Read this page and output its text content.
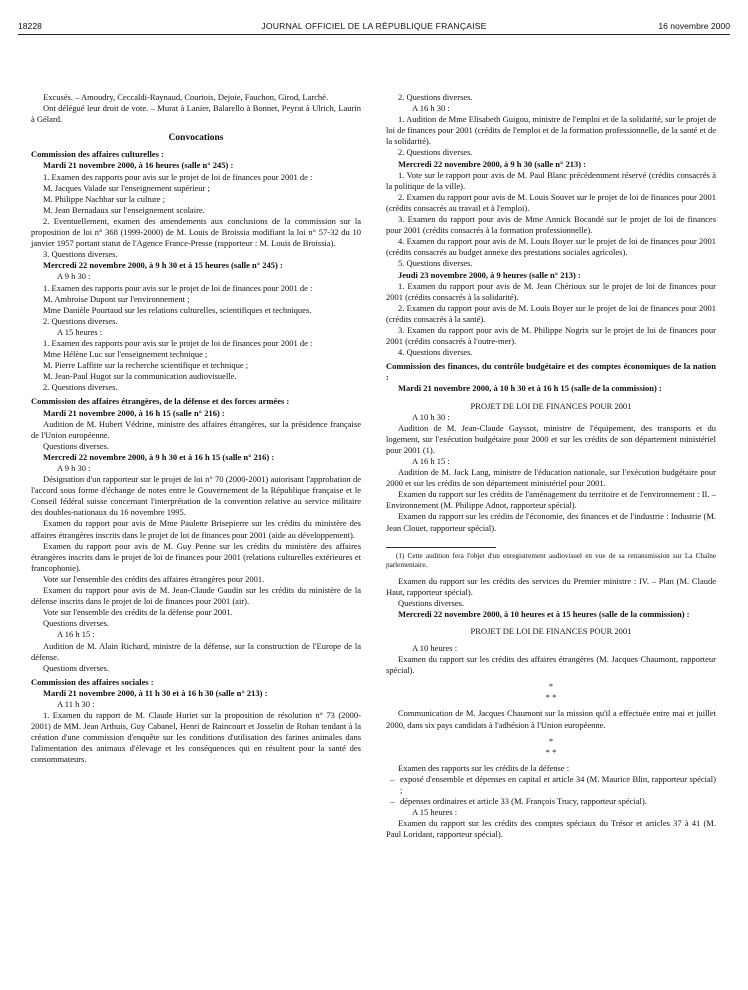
18228	JOURNAL OFFICIEL DE LA RÉPUBLIQUE FRANÇAISE	16 novembre 2000

Excusés. – Amoudry, Ceccaldi-Raynaud, Courtois, Dejoie, Fauchon, Girod, Larché.

Ont délégué leur droit de vote. – Murat à Lanier, Balarello à Bonnet, Peyrat à Ulrich, Laurin à Gélard.

Convocations

Commission des affaires culturelles :

Mardi 21 novembre 2000, à 16 heures (salle n° 245) :

1. Examen des rapports pour avis sur le projet de loi de finances pour 2001 de :

M. Jacques Valade sur l'enseignement supérieur ;

M. Philippe Nachbar sur la culture ;

M. Jean Bernadaux sur l'enseignement scolaire.

2. Eventuellement, examen des amendements aux conclusions de la commission sur la proposition de loi n° 368 (1999-2000) de M. Louis de Broissia modifiant la loi n° 57-32 du 10 janvier 1957 portant statut de l'Agence France-Presse (rapporteur : M. Louis de Broissia).

3. Questions diverses.

Mercredi 22 novembre 2000, à 9 h 30 et à 15 heures (salle n° 245) :

A 9 h 30 :

1. Examen des rapports pour avis sur le projet de loi de finances pour 2001 de :

M. Ambroise Dupont sur l'environnement ;

Mme Danièle Pourtaud sur les relations culturelles, scientifiques et techniques.

2. Questions diverses.

A 15 heures :

1. Examen des rapports pour avis sur le projet de loi de finances pour 2001 de :

Mme Hélène Luc sur l'enseignement technique ;

M. Pierre Laffitte sur la recherche scientifique et technique ;

M. Jean-Paul Hugot sur la communication audiovisuelle.

2. Questions diverses.

Commission des affaires étrangères, de la défense et des forces armées :

Mardi 21 novembre 2000, à 16 h 15 (salle n° 216) :

Audition de M. Hubert Védrine, ministre des affaires étrangères, sur la présidence française de l'Union européenne.

Questions diverses.

Mercredi 22 novembre 2000, à 9 h 30 et à 16 h 15 (salle n° 216) :

A 9 h 30 :

Désignation d'un rapporteur sur le projet de loi n° 70 (2000-2001) autorisant l'approbation de l'accord sous forme d'échange de notes entre le Gouvernement de la République française et le Conseil fédéral suisse concernant l'interprétation de la convention relative au service militaire des doubles-nationaux du 16 novembre 1995.

Examen du rapport pour avis de Mme Paulette Brisepierre sur les crédits du ministère des affaires étrangères inscrits dans le projet de loi de finances pour 2001 (aide au développement).

Examen du rapport pour avis de M. Guy Penne sur les crédits du ministère des affaires étrangères inscrits dans le projet de loi de finances pour 2001 (relations culturelles extérieures et francophonie).

Vote sur l'ensemble des crédits des affaires étrangères pour 2001.

Examen du rapport pour avis de M. Jean-Claude Gaudin sur les crédits du ministère de la défense inscrits dans le projet de loi de finances pour 2001 (air).

Vote sur l'ensemble des crédits de la défense pour 2001.

Questions diverses.

A 16 h 15 :

Audition de M. Alain Richard, ministre de la défense, sur la construction de l'Europe de la défense.

Questions diverses.

Commission des affaires sociales :

Mardi 21 novembre 2000, à 11 h 30 et à 16 h 30 (salle n° 213) :

A 11 h 30 :

1. Examen du rapport de M. Claude Huriet sur la proposition de résolution n° 73 (2000-2001) de MM. Jean Arthuis, Guy Cabanel, Henri de Raincourt et Josselin de Rohan tendant à la création d'une commission d'enquête sur les conditions d'utilisation des farines animales dans l'alimentation des animaux d'élevage et les conséquences qui en résultent pour la santé des consommateurs.

2. Questions diverses.

A 16 h 30 :

1. Audition de Mme Elisabeth Guigou, ministre de l'emploi et de la solidarité, sur le projet de loi de finances pour 2001 (crédits de l'emploi et de la formation professionnelle, de la santé et de la solidarité).

2. Questions diverses.

Mercredi 22 novembre 2000, à 9 h 30 (salle n° 213) :

1. Vote sur le rapport pour avis de M. Paul Blanc précédemment réservé (crédits consacrés à la politique de la ville).

2. Examen du rapport pour avis de M. Louis Souvet sur le projet de loi de finances pour 2001 (crédits consacrés au travail et à l'emploi).

3. Examen du rapport pour avis de Mme Annick Bocandé sur le projet de loi de finances pour 2001 (crédits consacrés à la formation professionnelle).

4. Examen du rapport pour avis de M. Louis Boyer sur le projet de loi de finances pour 2001 (crédits consacrés au budget annexe des prestations sociales agricoles).

5. Questions diverses.

Jeudi 23 novembre 2000, à 9 heures (salle n° 213) :

1. Examen du rapport pour avis de M. Jean Chérioux sur le projet de loi de finances pour 2001 (crédits consacrés à la solidarité).

2. Examen du rapport pour avis de M. Louis Boyer sur le projet de loi de finances pour 2001 (crédits consacrés à la santé).

3. Examen du rapport pour avis de M. Philippe Nogrix sur le projet de loi de finances pour 2001 (crédits consacrés à l'outre-mer).

4. Questions diverses.

Commission des finances, du contrôle budgétaire et des comptes économiques de la nation :

Mardi 21 novembre 2000, à 10 h 30 et à 16 h 15 (salle de la commission) :

PROJET DE LOI DE FINANCES POUR 2001

A 10 h 30 :

Audition de M. Jean-Claude Gayssot, ministre de l'équipement, des transports et du logement, sur l'exécution budgétaire pour 2000 et sur les crédits de son département ministériel pour 2001 (1).

A 16 h 15 :

Audition de M. Jack Lang, ministre de l'éducation nationale, sur l'exécution budgétaire pour 2000 et sur les crédits de son département ministériel pour 2001.

Examen du rapport sur les crédits de l'aménagement du territoire et de l'environnement : II. – Environnement (M. Philippe Adnot, rapporteur spécial).

Examen du rapport sur les crédits de l'économie, des finances et de l'industrie : Industrie (M. Jean Clouet, rapporteur spécial).

(1) Cette audition fera l'objet d'un enregistrement audiovisuel en vue de sa retransmission sur La Chaîne parlementaire.

Examen du rapport sur les crédits des services du Premier ministre : IV. – Plan (M. Claude Haut, rapporteur spécial).

Questions diverses.

Mercredi 22 novembre 2000, à 10 heures et à 15 heures (salle de la commission) :

PROJET DE LOI DE FINANCES POUR 2001

A 10 heures :

Examen du rapport sur les crédits des affaires étrangères (M. Jacques Chaumont, rapporteur spécial).

*

* *

Communication de M. Jacques Chaumont sur la mission qu'il a effectuée entre mai et juillet 2000, dans six pays candidats à l'adhésion à l'Union européenne.

*

* *

Examen des rapports sur les crédits de la défense :

– exposé d'ensemble et dépenses en capital et article 34 (M. Maurice Blin, rapporteur spécial) ;

– dépenses ordinaires et article 33 (M. François Trucy, rapporteur spécial).

A 15 heures :

Examen du rapport sur les crédits des comptes spéciaux du Trésor et articles 37 à 41 (M. Paul Loridant, rapporteur spécial).
